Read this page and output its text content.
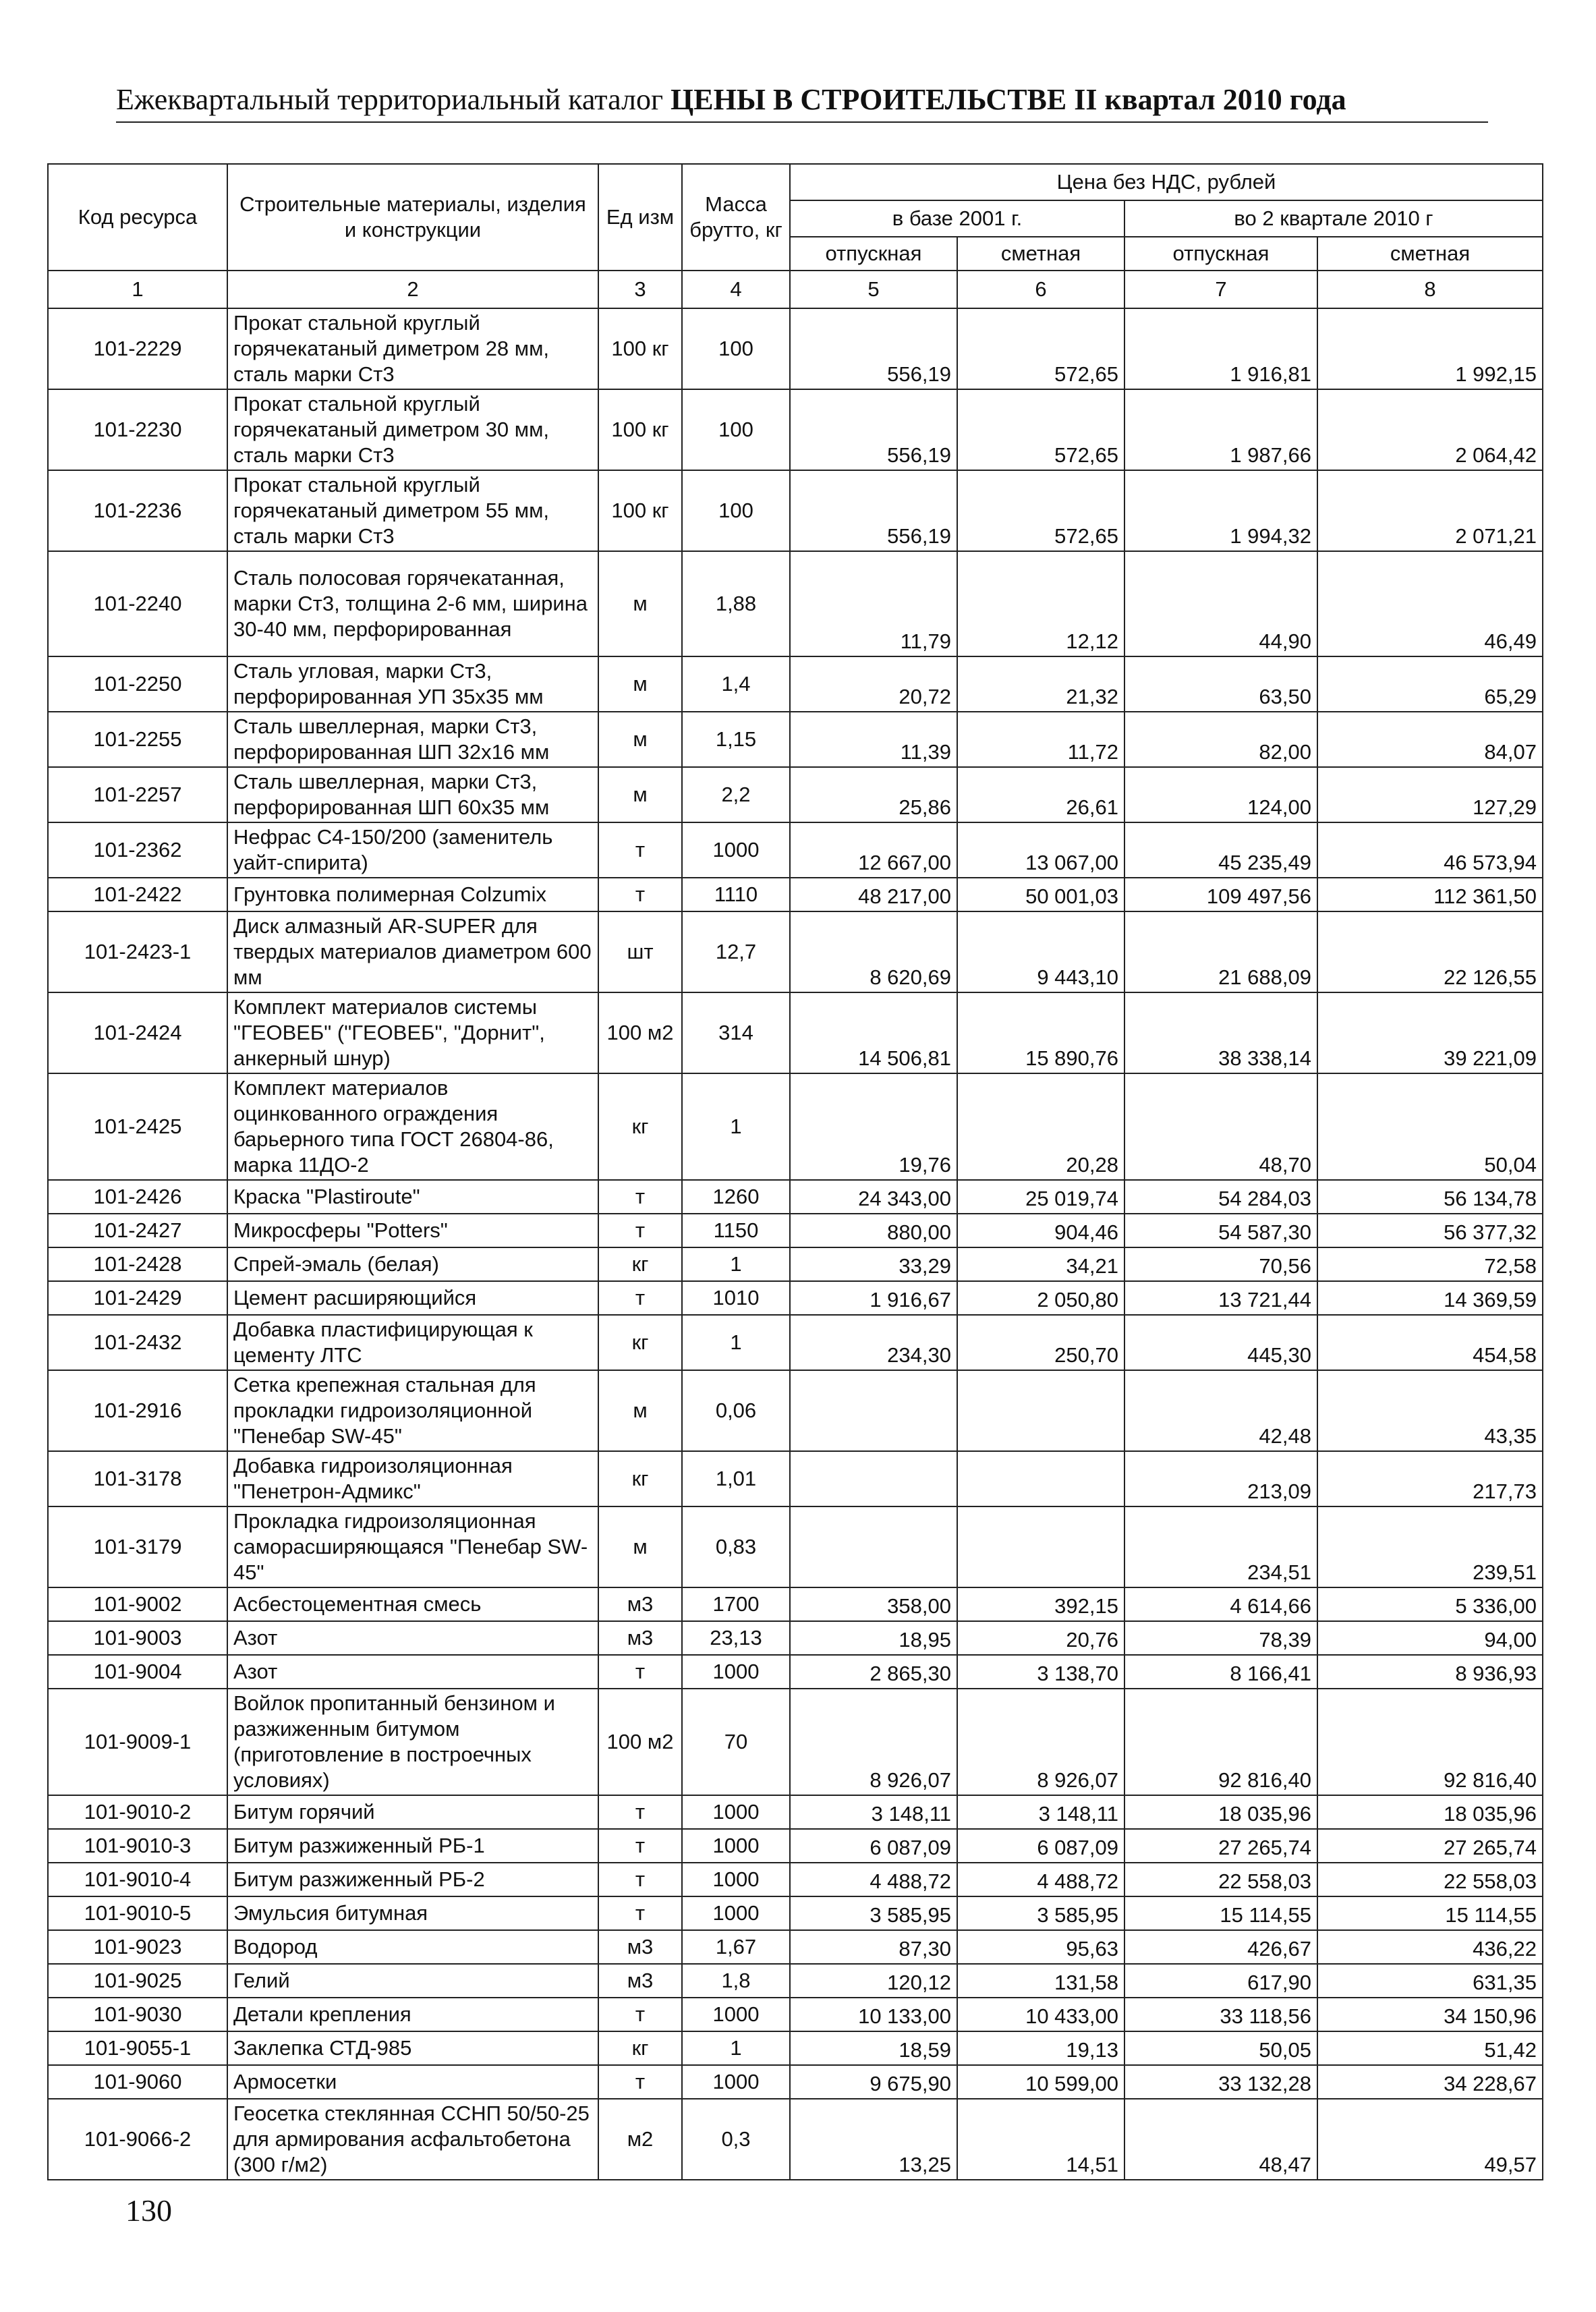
Ежеквартальный территориальный каталог ЦЕНЫ В СТРОИТЕЛЬСТВЕ II квартал 2010 года
Код ресурса	Строительные материалы, изделия и конструкции	Ед изм	Масса брутто, кг	Цена без НДС, рублей			
				в базе 2001 г.		во 2 квартале 2010 г	
				отпускная	сметная	отпускная	сметная
1	2	3	4	5	6	7	8
101-2229	Прокат стальной круглый горячекатаный диметром 28 мм, сталь марки Ст3	100 кг	100	556,19	572,65	1 916,81	1 992,15
101-2230	Прокат стальной круглый горячекатаный диметром 30 мм, сталь марки Ст3	100 кг	100	556,19	572,65	1 987,66	2 064,42
101-2236	Прокат стальной круглый горячекатаный диметром 55 мм, сталь марки Ст3	100 кг	100	556,19	572,65	1 994,32	2 071,21
101-2240	Сталь полосовая горячекатанная, марки Ст3, толщина 2-6 мм, ширина 30-40 мм, перфорированная	м	1,88	11,79	12,12	44,90	46,49
101-2250	Сталь угловая, марки Ст3, перфорированная УП 35х35 мм	м	1,4	20,72	21,32	63,50	65,29
101-2255	Сталь швеллерная, марки Ст3, перфорированная ШП 32х16 мм	м	1,15	11,39	11,72	82,00	84,07
101-2257	Сталь швеллерная, марки Ст3, перфорированная ШП 60х35 мм	м	2,2	25,86	26,61	124,00	127,29
101-2362	Нефрас С4-150/200 (заменитель уайт-спирита)	т	1000	12 667,00	13 067,00	45 235,49	46 573,94
101-2422	Грунтовка полимерная Colzumix	т	1110	48 217,00	50 001,03	109 497,56	112 361,50
101-2423-1	Диск алмазный AR-SUPER для твердых материалов диаметром 600 мм	шт	12,7	8 620,69	9 443,10	21 688,09	22 126,55
101-2424	Комплект материалов системы "ГЕОВЕБ" ("ГЕОВЕБ", "Дорнит", анкерный шнур)	100 м2	314	14 506,81	15 890,76	38 338,14	39 221,09
101-2425	Комплект материалов оцинкованного ограждения барьерного типа ГОСТ 26804-86, марка 11ДО-2	кг	1	19,76	20,28	48,70	50,04
101-2426	Краска "Plastiroute"	т	1260	24 343,00	25 019,74	54 284,03	56 134,78
101-2427	Микросферы "Potters"	т	1150	880,00	904,46	54 587,30	56 377,32
101-2428	Спрей-эмаль (белая)	кг	1	33,29	34,21	70,56	72,58
101-2429	Цемент расширяющийся	т	1010	1 916,67	2 050,80	13 721,44	14 369,59
101-2432	Добавка пластифицирующая к цементу ЛТС	кг	1	234,30	250,70	445,30	454,58
101-2916	Сетка крепежная стальная для прокладки гидроизоляционной "Пенебар SW-45"	м	0,06			42,48	43,35
101-3178	Добавка гидроизоляционная "Пенетрон-Адмикс"	кг	1,01			213,09	217,73
101-3179	Прокладка гидроизоляционная саморасширяющаяся "Пенебар SW-45"	м	0,83			234,51	239,51
101-9002	Асбестоцементная смесь	м3	1700	358,00	392,15	4 614,66	5 336,00
101-9003	Азот	м3	23,13	18,95	20,76	78,39	94,00
101-9004	Азот	т	1000	2 865,30	3 138,70	8 166,41	8 936,93
101-9009-1	Войлок пропитанный бензином и разжиженным битумом (приготовление в построечных условиях)	100 м2	70	8 926,07	8 926,07	92 816,40	92 816,40
101-9010-2	Битум горячий	т	1000	3 148,11	3 148,11	18 035,96	18 035,96
101-9010-3	Битум разжиженный РБ-1	т	1000	6 087,09	6 087,09	27 265,74	27 265,74
101-9010-4	Битум разжиженный РБ-2	т	1000	4 488,72	4 488,72	22 558,03	22 558,03
101-9010-5	Эмульсия битумная	т	1000	3 585,95	3 585,95	15 114,55	15 114,55
101-9023	Водород	м3	1,67	87,30	95,63	426,67	436,22
101-9025	Гелий	м3	1,8	120,12	131,58	617,90	631,35
101-9030	Детали крепления	т	1000	10 133,00	10 433,00	33 118,56	34 150,96
101-9055-1	Заклепка СТД-985	кг	1	18,59	19,13	50,05	51,42
101-9060	Армосетки	т	1000	9 675,90	10 599,00	33 132,28	34 228,67
101-9066-2	Геосетка стеклянная ССНП 50/50-25 для армирования асфальтобетона (300 г/м2)	м2	0,3	13,25	14,51	48,47	49,57
130
